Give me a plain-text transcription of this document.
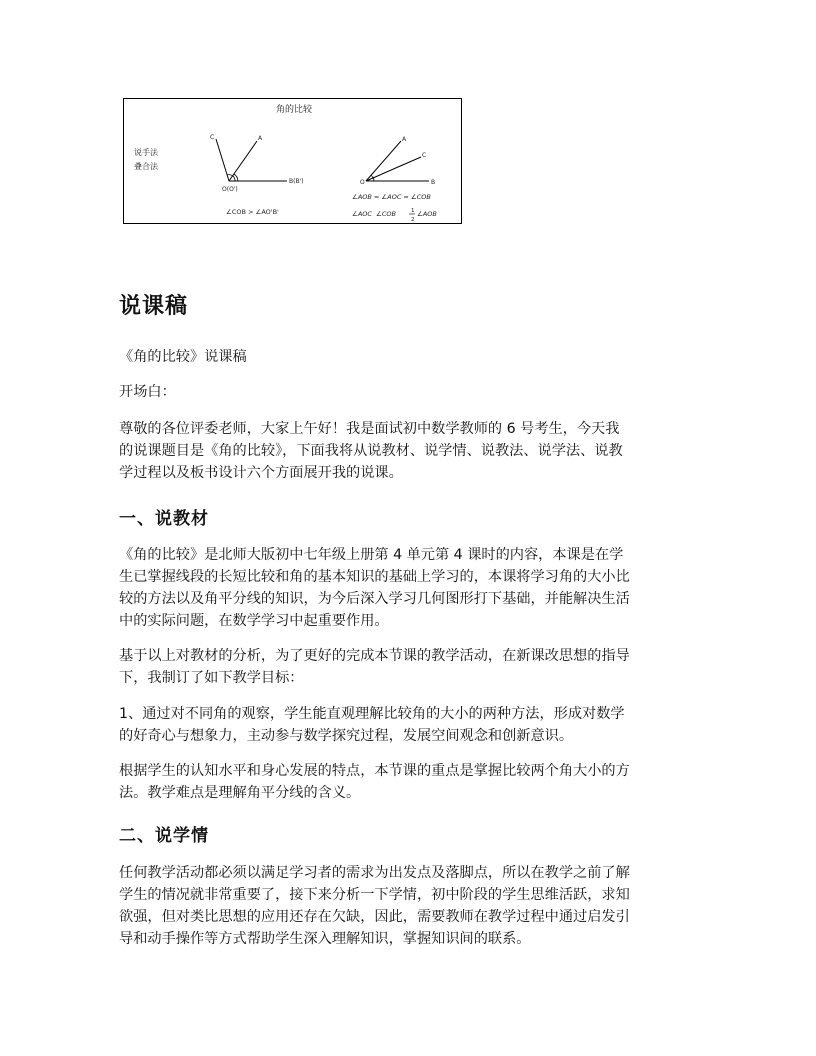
角的比较
说手法
叠合法
C	A
O(O')
B(B')
∠COB > ∠AO'B'
A
C
O	B
∠AOB = ∠AOC = ∠COB
∠AOC ∠COB	1
2
∠AOB
说课稿
《角的比较》说课稿
开场白：
尊敬的各位评委老师，大家上午好！我是面试初中数学教师的 6 号考生，今天我
的说课题目是《角的比较》，下面我将从说教材、说学情、说教法、说学法、说教
学过程以及板书设计六个方面展开我的说课。
一、说教材
《角的比较》是北师大版初中七年级上册第 4 单元第 4 课时的内容，本课是在学
生已掌握线段的长短比较和角的基本知识的基础上学习的，本课将学习角的大小比
较的方法以及角平分线的知识，为今后深入学习几何图形打下基础，并能解决生活
中的实际问题，在数学学习中起重要作用。
基于以上对教材的分析，为了更好的完成本节课的教学活动，在新课改思想的指导
下，我制订了如下教学目标：
1、通过对不同角的观察，学生能直观理解比较角的大小的两种方法，形成对数学
的好奇心与想象力，主动参与数学探究过程，发展空间观念和创新意识。
根据学生的认知水平和身心发展的特点，本节课的重点是掌握比较两个角大小的方
法。教学难点是理解角平分线的含义。
二、说学情
任何教学活动都必须以满足学习者的需求为出发点及落脚点，所以在教学之前了解
学生的情况就非常重要了，接下来分析一下学情，初中阶段的学生思维活跃，求知
欲强，但对类比思想的应用还存在欠缺，因此，需要教师在教学过程中通过启发引
导和动手操作等方式帮助学生深入理解知识，掌握知识间的联系。
